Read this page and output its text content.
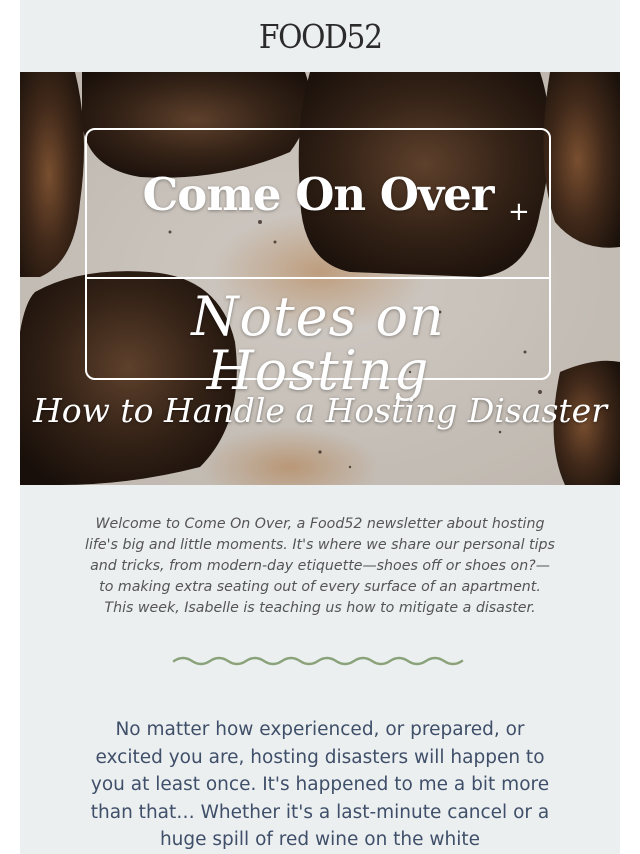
FOOD52
Come On Over +
Notes on Hosting
How to Handle a Hosting Disaster

Welcome to Come On Over, a Food52 newsletter about hosting life's big and little moments. It's where we share our personal tips and tricks, from modern-day etiquette—shoes off or shoes on?—to making extra seating out of every surface of an apartment. This week, Isabelle is teaching us how to mitigate a disaster.

No matter how experienced, or prepared, or excited you are, hosting disasters will happen to you at least once. It's happened to me a bit more than that… Whether it's a last-minute cancel or a huge spill of red wine on the white
